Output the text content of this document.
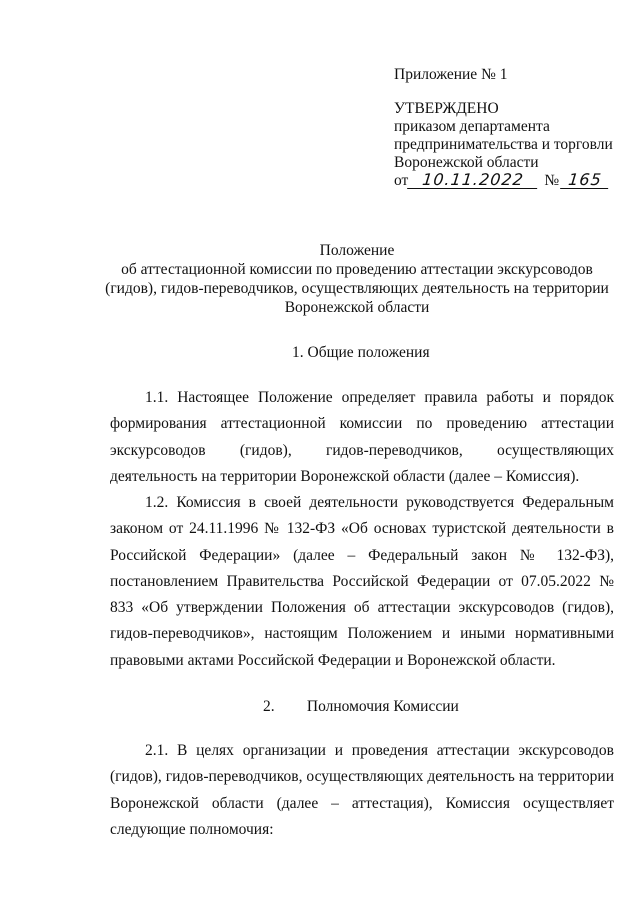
Приложение № 1
УТВЕРЖДЕНО
приказом департамента
предпринимательства и торговли
Воронежской области
от 10.11.2022	№ 165
Положение
об аттестационной комиссии по проведению аттестации экскурсоводов
(гидов), гидов-переводчиков, осуществляющих деятельность на территории
Воронежской области
1. Общие положения

1.1. Настоящее Положение определяет правила работы и порядок формирования аттестационной комиссии по проведению аттестации экскурсоводов (гидов), гидов-переводчиков, осуществляющих деятельность на территории Воронежской области (далее – Комиссия).

1.2. Комиссия в своей деятельности руководствуется Федеральным законом от 24.11.1996 № 132-ФЗ «Об основах туристской деятельности в Российской Федерации» (далее – Федеральный закон № 132-ФЗ), постановлением Правительства Российской Федерации от 07.05.2022 № 833 «Об утверждении Положения об аттестации экскурсоводов (гидов), гидов-переводчиков», настоящим Положением и иными нормативными правовыми актами Российской Федерации и Воронежской области.

2. Полномочия Комиссии

2.1. В целях организации и проведения аттестации экскурсоводов (гидов), гидов-переводчиков, осуществляющих деятельность на территории Воронежской области (далее – аттестация), Комиссия осуществляет следующие полномочия:
